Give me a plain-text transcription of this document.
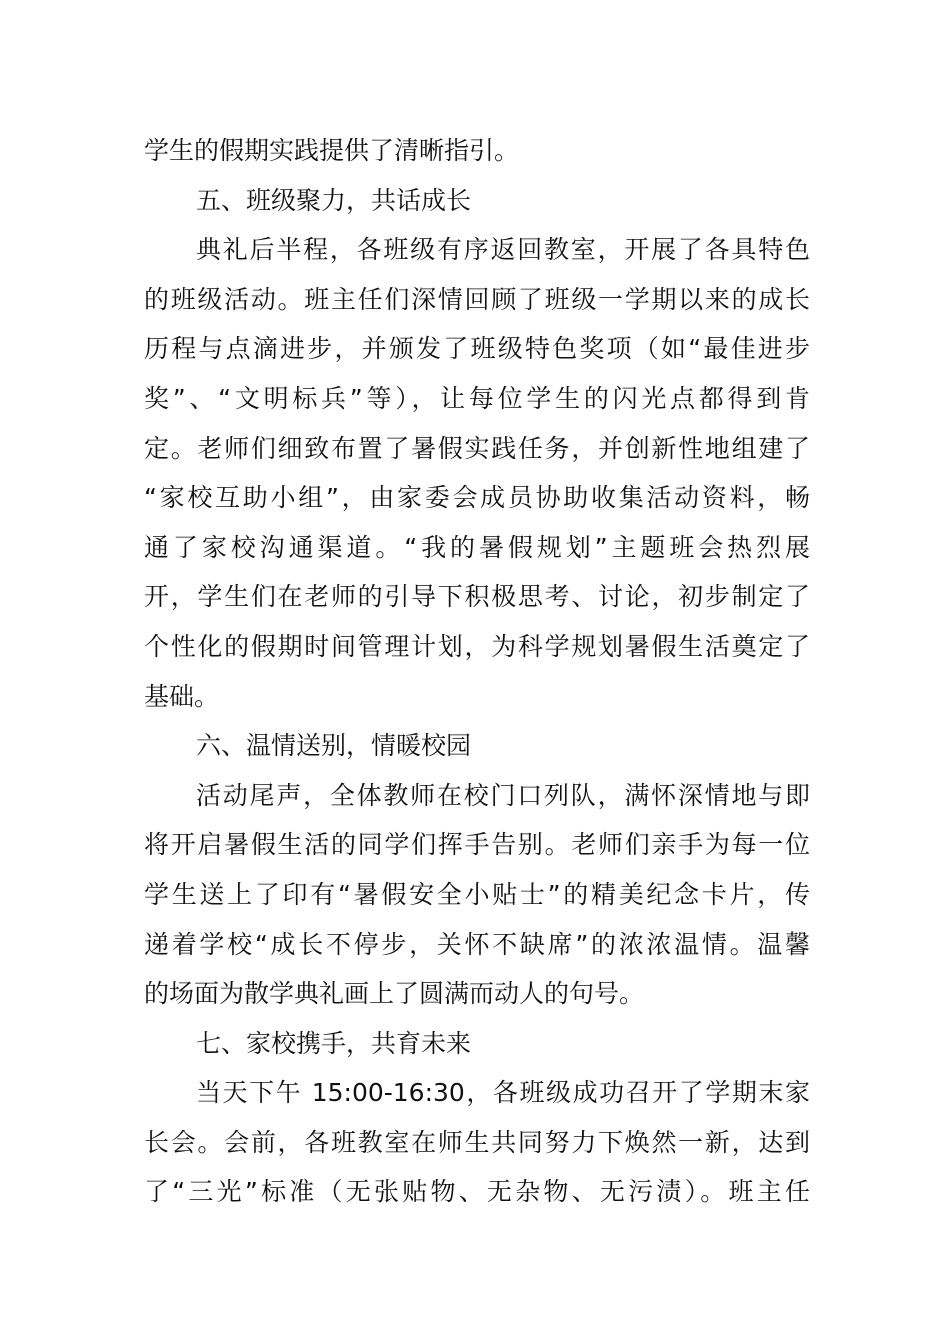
学生的假期实践提供了清晰指引。
五、班级聚力，共话成长
典礼后半程，各班级有序返回教室，开展了各具特色
的班级活动。班主任们深情回顾了班级一学期以来的成长
历程与点滴进步，并颁发了班级特色奖项（如“最佳进步
奖”、“文明标兵”等），让每位学生的闪光点都得到肯
定。老师们细致布置了暑假实践任务，并创新性地组建了
“家校互助小组”，由家委会成员协助收集活动资料，畅
通了家校沟通渠道。“我的暑假规划”主题班会热烈展
开，学生们在老师的引导下积极思考、讨论，初步制定了
个性化的假期时间管理计划，为科学规划暑假生活奠定了
基础。
六、温情送别，情暖校园
活动尾声，全体教师在校门口列队，满怀深情地与即
将开启暑假生活的同学们挥手告别。老师们亲手为每一位
学生送上了印有“暑假安全小贴士”的精美纪念卡片，传
递着学校“成长不停步，关怀不缺席”的浓浓温情。温馨
的场面为散学典礼画上了圆满而动人的句号。
七、家校携手，共育未来
当天下午 15:00-16:30，各班级成功召开了学期末家
长会。会前，各班教室在师生共同努力下焕然一新，达到
了“三光”标准（无张贴物、无杂物、无污渍）。班主任
